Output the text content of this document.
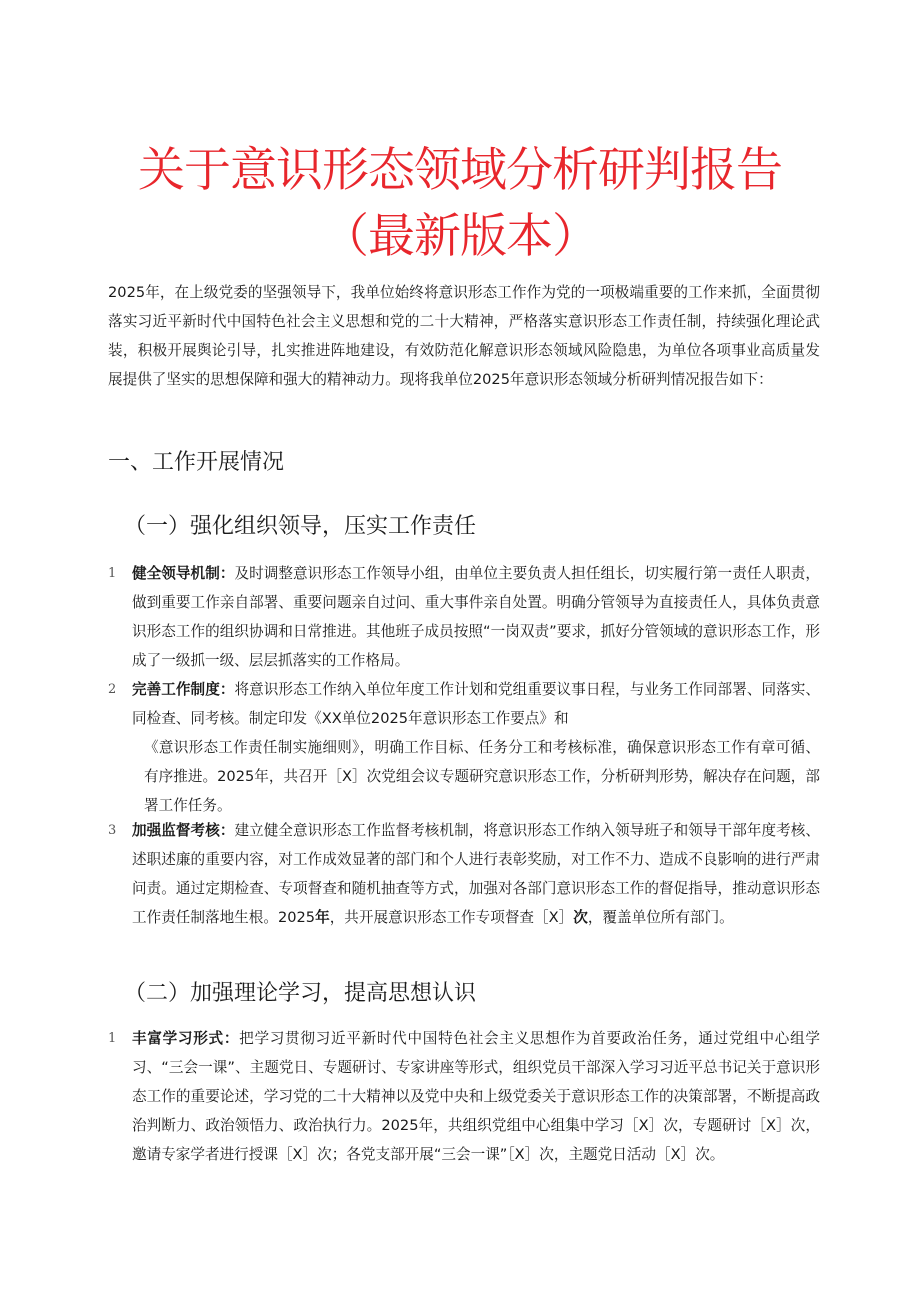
关于意识形态领域分析研判报告（最新版本）

2025年，在上级党委的坚强领导下，我单位始终将意识形态工作作为党的一项极端重要的工作来抓，全面贯彻落实习近平新时代中国特色社会主义思想和党的二十大精神，严格落实意识形态工作责任制，持续强化理论武装，积极开展舆论引导，扎实推进阵地建设，有效防范化解意识形态领域风险隐患，为单位各项事业高质量发展提供了坚实的思想保障和强大的精神动力。现将我单位2025年意识形态领域分析研判情况报告如下：

一、工作开展情况
（一）强化组织领导，压实工作责任
1	健全领导机制：及时调整意识形态工作领导小组，由单位主要负责人担任组长，切实履行第一责任人职责，做到重要工作亲自部署、重要问题亲自过问、重大事件亲自处置。明确分管领导为直接责任人，具体负责意识形态工作的组织协调和日常推进。其他班子成员按照“一岗双责”要求，抓好分管领域的意识形态工作，形成了一级抓一级、层层抓落实的工作格局。

2	完善工作制度：将意识形态工作纳入单位年度工作计划和党组重要议事日程，与业务工作同部署、同落实、同检查、同考核。制定印发《XX单位2025年意识形态工作要点》和
《意识形态工作责任制实施细则》，明确工作目标、任务分工和考核标准，确保意识形态工作有章可循、有序推进。2025年，共召开［X］次党组会议专题研究意识形态工作，分析研判形势，解决存在问题，部署工作任务。

3	加强监督考核：建立健全意识形态工作监督考核机制，将意识形态工作纳入领导班子和领导干部年度考核、述职述廉的重要内容，对工作成效显著的部门和个人进行表彰奖励，对工作不力、造成不良影响的进行严肃问责。通过定期检查、专项督查和随机抽查等方式，加强对各部门意识形态工作的督促指导，推动意识形态工作责任制落地生根。2025年，共开展意识形态工作专项督查［X］次，覆盖单位所有部门。

（二）加强理论学习，提高思想认识
1	丰富学习形式：把学习贯彻习近平新时代中国特色社会主义思想作为首要政治任务，通过党组中心组学习、“三会一课”、主题党日、专题研讨、专家讲座等形式，组织党员干部深入学习习近平总书记关于意识形态工作的重要论述，学习党的二十大精神以及党中央和上级党委关于意识形态工作的决策部署，不断提高政治判断力、政治领悟力、政治执行力。2025年，共组织党组中心组集中学习［X］次，专题研讨［X］次，邀请专家学者进行授课［X］次；各党支部开展“三会一课”［X］次，主题党日活动［X］次。
